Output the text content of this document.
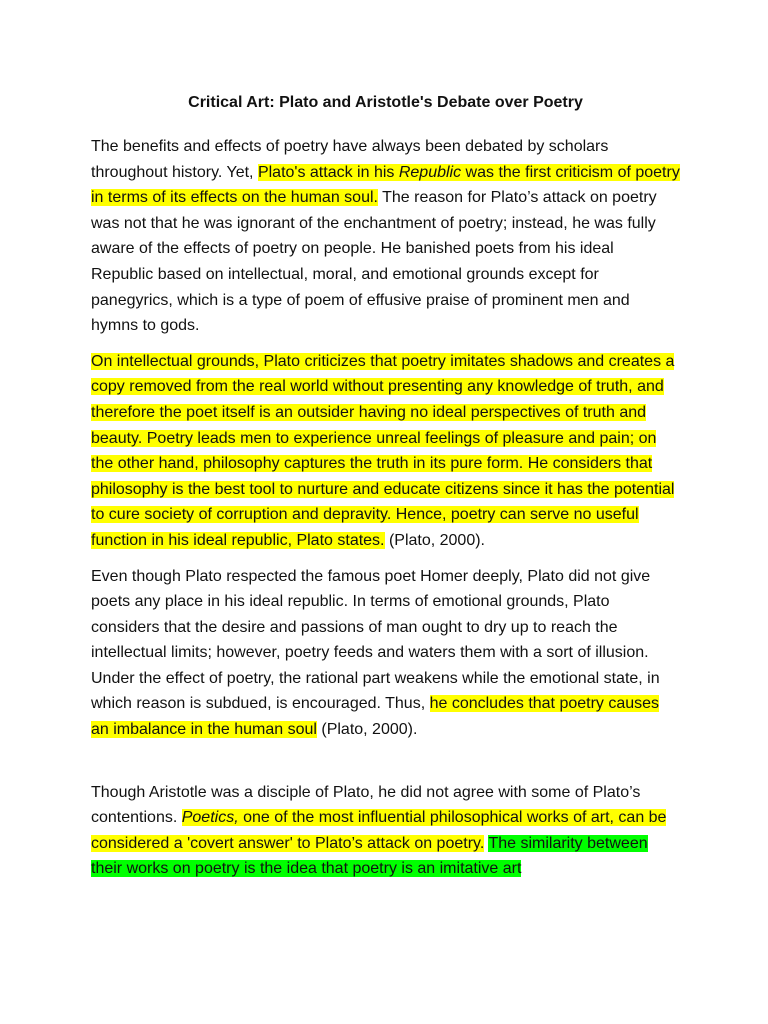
Critical Art: Plato and Aristotle's Debate over Poetry

The benefits and effects of poetry have always been debated by scholars throughout history. Yet, Plato's attack in his Republic was the first criticism of poetry in terms of its effects on the human soul. The reason for Plato’s attack on poetry was not that he was ignorant of the enchantment of poetry; instead, he was fully aware of the effects of poetry on people. He banished poets from his ideal Republic based on intellectual, moral, and emotional grounds except for panegyrics, which is a type of poem of effusive praise of prominent men and hymns to gods.

On intellectual grounds, Plato criticizes that poetry imitates shadows and creates a copy removed from the real world without presenting any knowledge of truth, and therefore the poet itself is an outsider having no ideal perspectives of truth and beauty. Poetry leads men to experience unreal feelings of pleasure and pain; on the other hand, philosophy captures the truth in its pure form. He considers that philosophy is the best tool to nurture and educate citizens since it has the potential to cure society of corruption and depravity. Hence, poetry can serve no useful function in his ideal republic, Plato states. (Plato, 2000).

Even though Plato respected the famous poet Homer deeply, Plato did not give poets any place in his ideal republic. In terms of emotional grounds, Plato considers that the desire and passions of man ought to dry up to reach the intellectual limits; however, poetry feeds and waters them with a sort of illusion. Under the effect of poetry, the rational part weakens while the emotional state, in which reason is subdued, is encouraged. Thus, he concludes that poetry causes an imbalance in the human soul (Plato, 2000).

Though Aristotle was a disciple of Plato, he did not agree with some of Plato’s contentions. Poetics, one of the most influential philosophical works of art, can be considered a 'covert answer' to Plato’s attack on poetry. The similarity between their works on poetry is the idea that poetry is an imitative art
